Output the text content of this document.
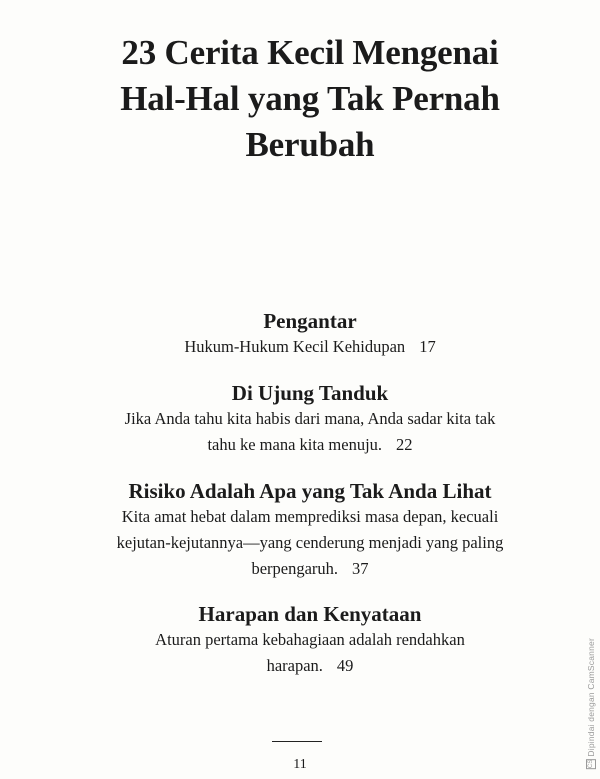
23 Cerita Kecil Mengenai
Hal-Hal yang Tak Pernah
Berubah

Pengantar

Hukum-Hukum Kecil Kehidupan 17

Di Ujung Tanduk

Jika Anda tahu kita habis dari mana, Anda sadar kita tak
tahu ke mana kita menuju. 22

Risiko Adalah Apa yang Tak Anda Lihat

Kita amat hebat dalam memprediksi masa depan, kecuali
kejutan-kejutannya—yang cenderung menjadi yang paling
berpengaruh. 37

Harapan dan Kenyataan

Aturan pertama kebahagiaan adalah rendahkan
harapan. 49

11	CS Dipindai dengan CamScanner
